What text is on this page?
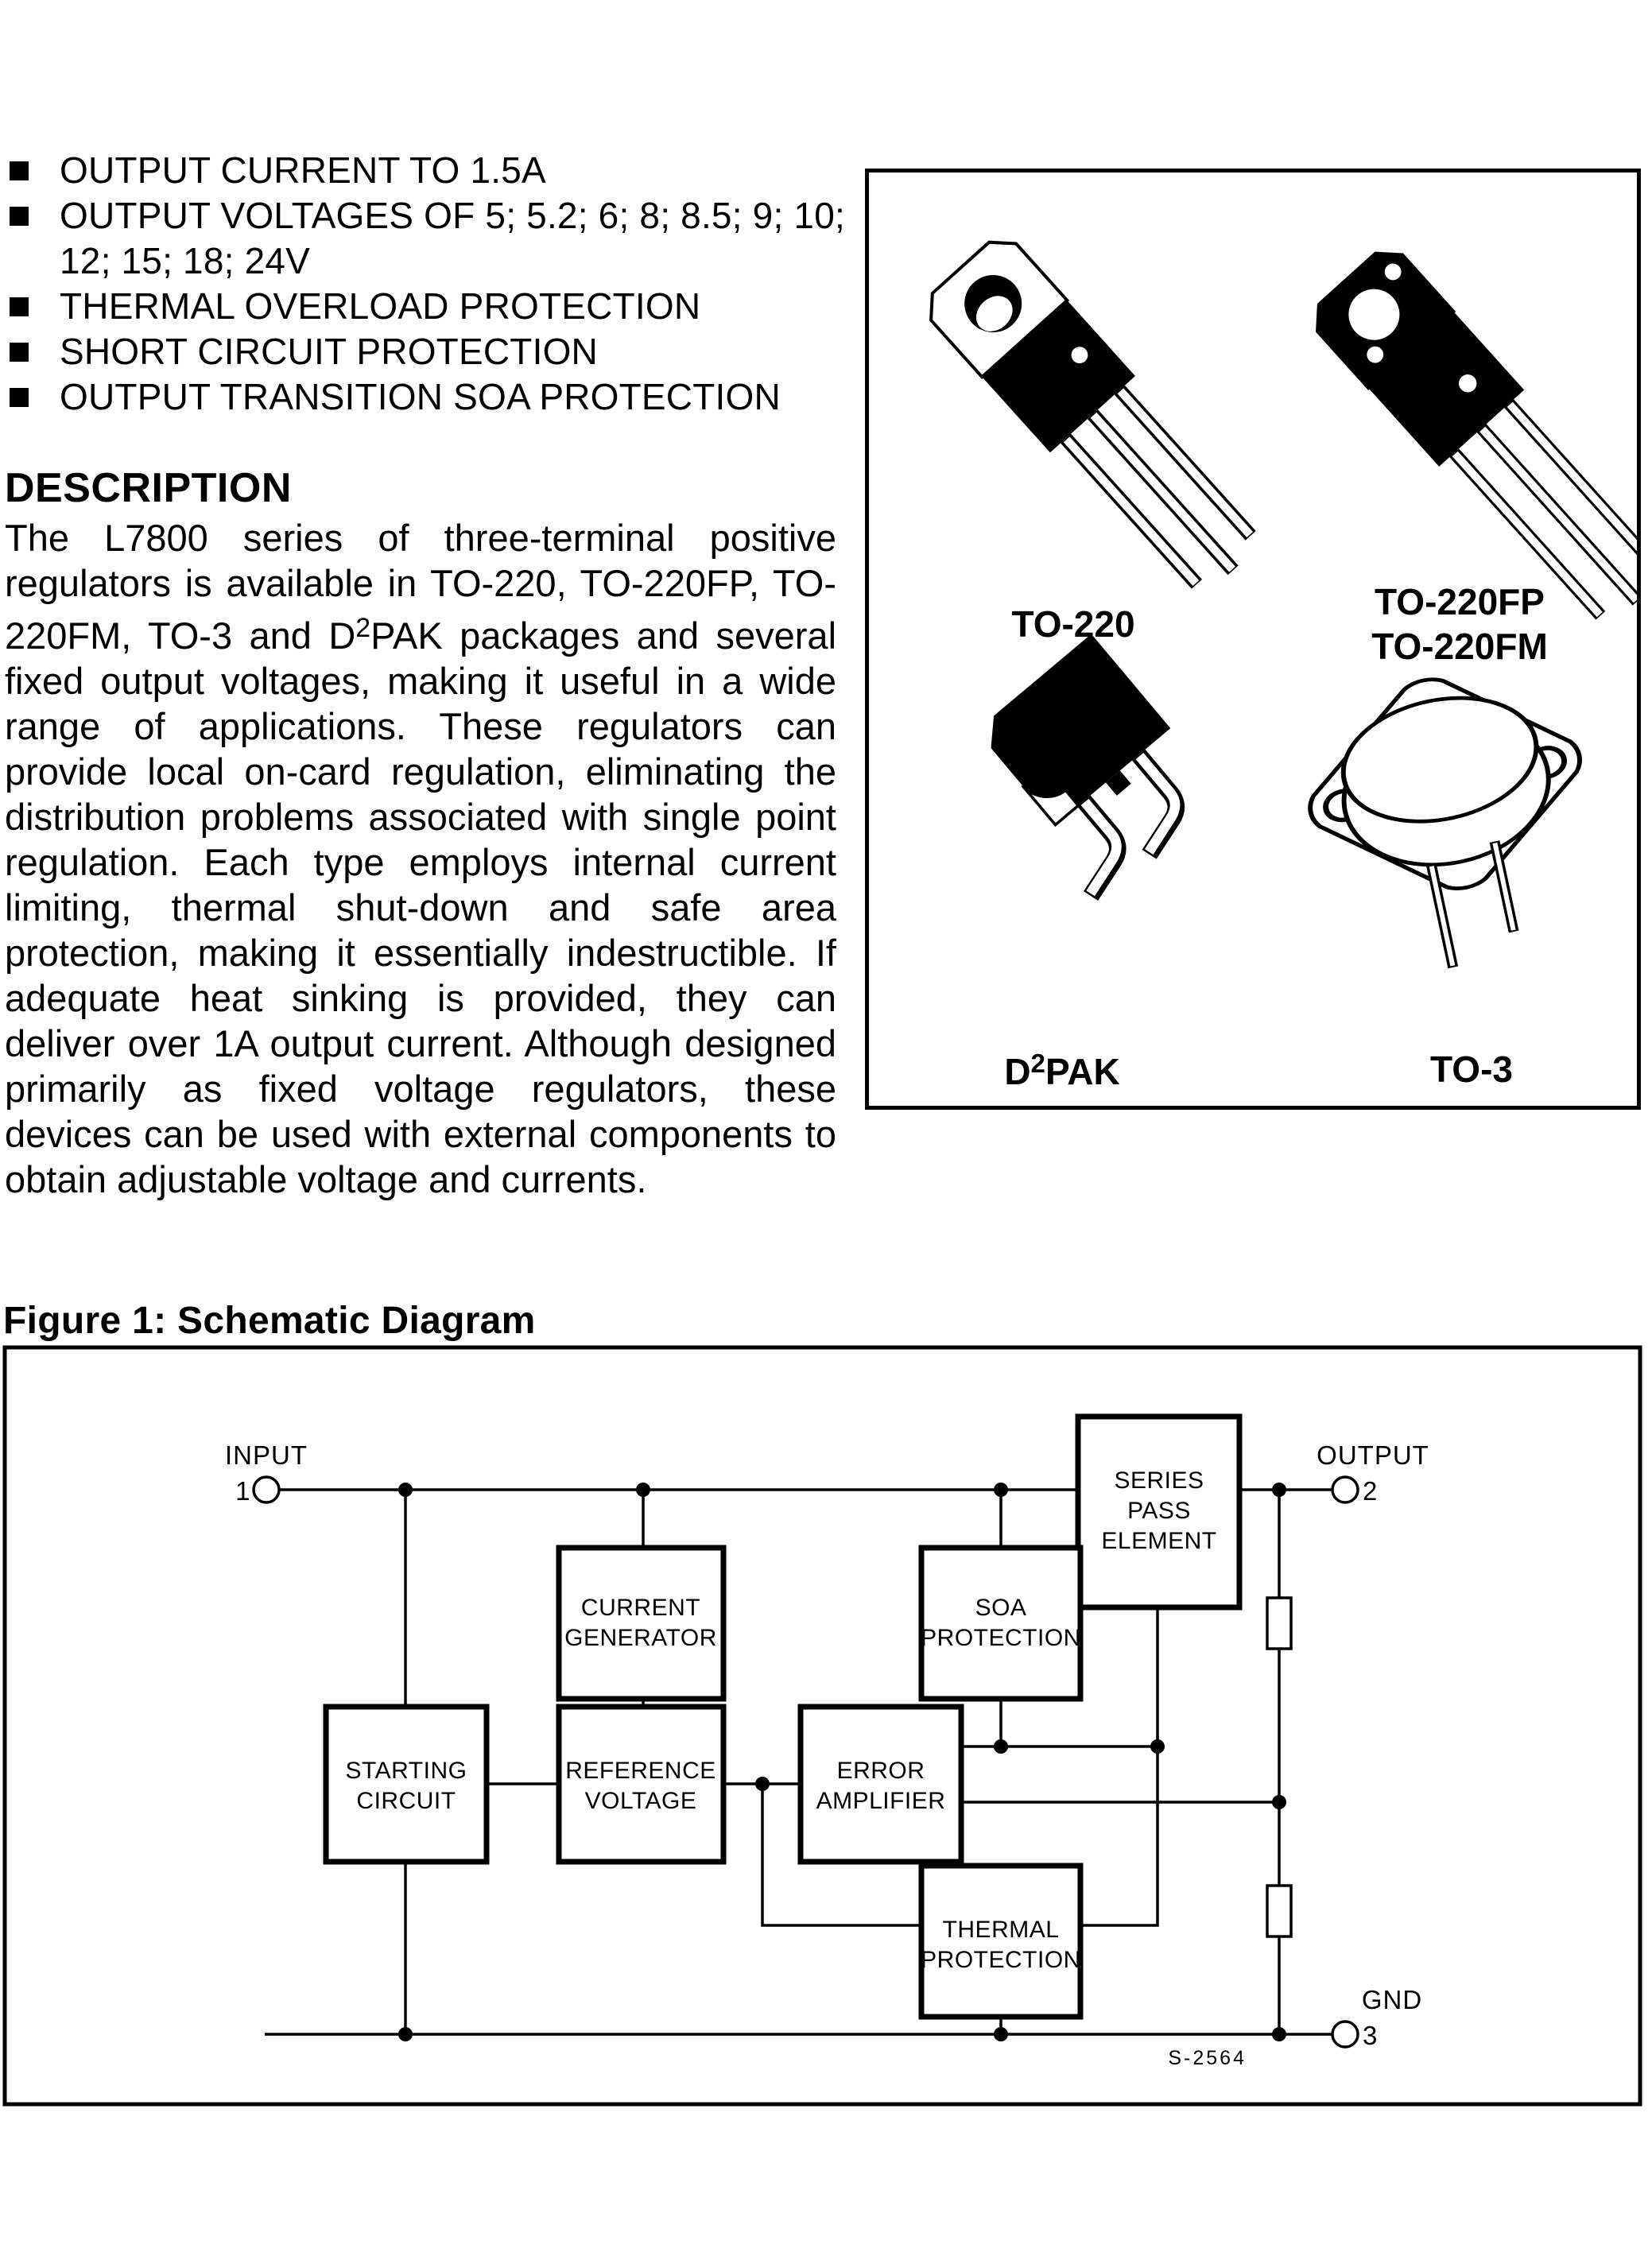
OUTPUT CURRENT TO 1.5A
OUTPUT VOLTAGES OF 5; 5.2; 6; 8; 8.5; 9; 10; 12; 15; 18; 24V
THERMAL OVERLOAD PROTECTION
SHORT CIRCUIT PROTECTION
OUTPUT TRANSITION SOA PROTECTION
DESCRIPTION

The L7800 series of three-terminal positive regulators is available in TO-220, TO-220FP, TO-220FM, TO-3 and $D^2PAK$ packages and several fixed output voltages, making it useful in a wide range of applications. These regulators can provide local on-card regulation, eliminating the distribution problems associated with single point regulation. Each type employs internal current limiting, thermal shut-down and safe area protection, making it essentially indestructible. If adequate heat sinking is provided, they can deliver over 1A output current. Although designed primarily as fixed voltage regulators, these devices can be used with external components to obtain adjustable voltage and currents.

TO-220
TO-220FP
TO-220FM
$D^2PAK$	TO-3
Figure 1: Schematic Diagram
SERIES
PASS
ELEMENT
CURRENT
GENERATOR
SOA
PROTECTION
STARTING
CIRCUIT
REFERENCE
VOLTAGE
ERROR
AMPLIFIER
THERMAL
PROTECTION
INPUT
1
OUTPUT
2
GND
3
S-2564
